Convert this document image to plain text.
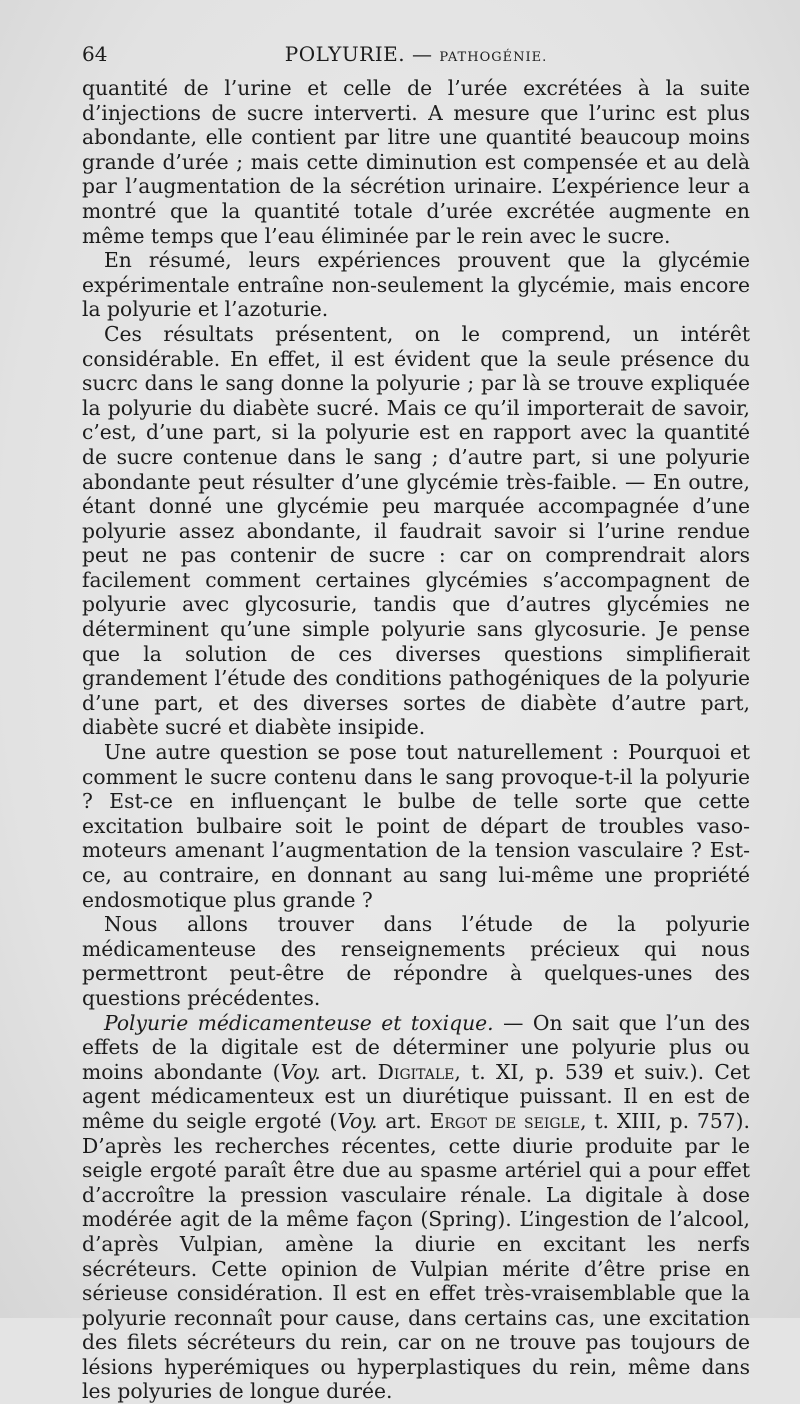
64	POLYURIE. — PATHOGÉNIE.

quantité de l’urine et celle de l’urée excrétées à la suite d’injections de sucre interverti. A mesure que l’urinc est plus abondante, elle contient par litre une quantité beaucoup moins grande d’urée ; mais cette diminution est compensée et au delà par l’augmentation de la sécrétion urinaire. L’expérience leur a montré que la quantité totale d’urée excrétée augmente en même temps que l’eau éliminée par le rein avec le sucre.

En résumé, leurs expériences prouvent que la glycémie expérimentale entraîne non-seulement la glycémie, mais encore la polyurie et l’azoturie.

Ces résultats présentent, on le comprend, un intérêt considérable. En effet, il est évident que la seule présence du sucrc dans le sang donne la polyurie ; par là se trouve expliquée la polyurie du diabète sucré. Mais ce qu’il importerait de savoir, c’est, d’une part, si la polyurie est en rapport avec la quantité de sucre contenue dans le sang ; d’autre part, si une polyurie abondante peut résulter d’une glycémie très-faible. — En outre, étant donné une glycémie peu marquée accompagnée d’une polyurie assez abondante, il faudrait savoir si l’urine rendue peut ne pas contenir de sucre : car on comprendrait alors facilement comment certaines glycémies s’accompagnent de polyurie avec glycosurie, tandis que d’autres glycémies ne déterminent qu’une simple polyurie sans glycosurie. Je pense que la solution de ces diverses questions simplifierait grandement l’étude des conditions pathogéniques de la polyurie d’une part, et des diverses sortes de diabète d’autre part, diabète sucré et diabète insipide.

Une autre question se pose tout naturellement : Pourquoi et comment le sucre contenu dans le sang provoque-t-il la polyurie ? Est-ce en influençant le bulbe de telle sorte que cette excitation bulbaire soit le point de départ de troubles vaso-moteurs amenant l’augmentation de la tension vasculaire ? Est-ce, au contraire, en donnant au sang lui-même une propriété endosmotique plus grande ?

Nous allons trouver dans l’étude de la polyurie médicamenteuse des renseignements précieux qui nous permettront peut-être de répondre à quelques-unes des questions précédentes.

Polyurie médicamenteuse et toxique. — On sait que l’un des effets de la digitale est de déterminer une polyurie plus ou moins abondante (Voy. art. Digitale, t. XI, p. 539 et suiv.). Cet agent médicamenteux est un diurétique puissant. Il en est de même du seigle ergoté (Voy. art. Ergot de seigle, t. XIII, p. 757). D’après les recherches récentes, cette diurie produite par le seigle ergoté paraît être due au spasme artériel qui a pour effet d’accroître la pression vasculaire rénale. La digitale à dose modérée agit de la même façon (Spring). L’ingestion de l’alcool, d’après Vulpian, amène la diurie en excitant les nerfs sécréteurs. Cette opinion de Vulpian mérite d’être prise en sérieuse considération. Il est en effet très-vraisemblable que la polyurie reconnaît pour cause, dans certains cas, une excitation des filets sécréteurs du rein, car on ne trouve pas toujours de lésions hyperémiques ou hyperplastiques du rein, même dans les polyuries de longue durée.
